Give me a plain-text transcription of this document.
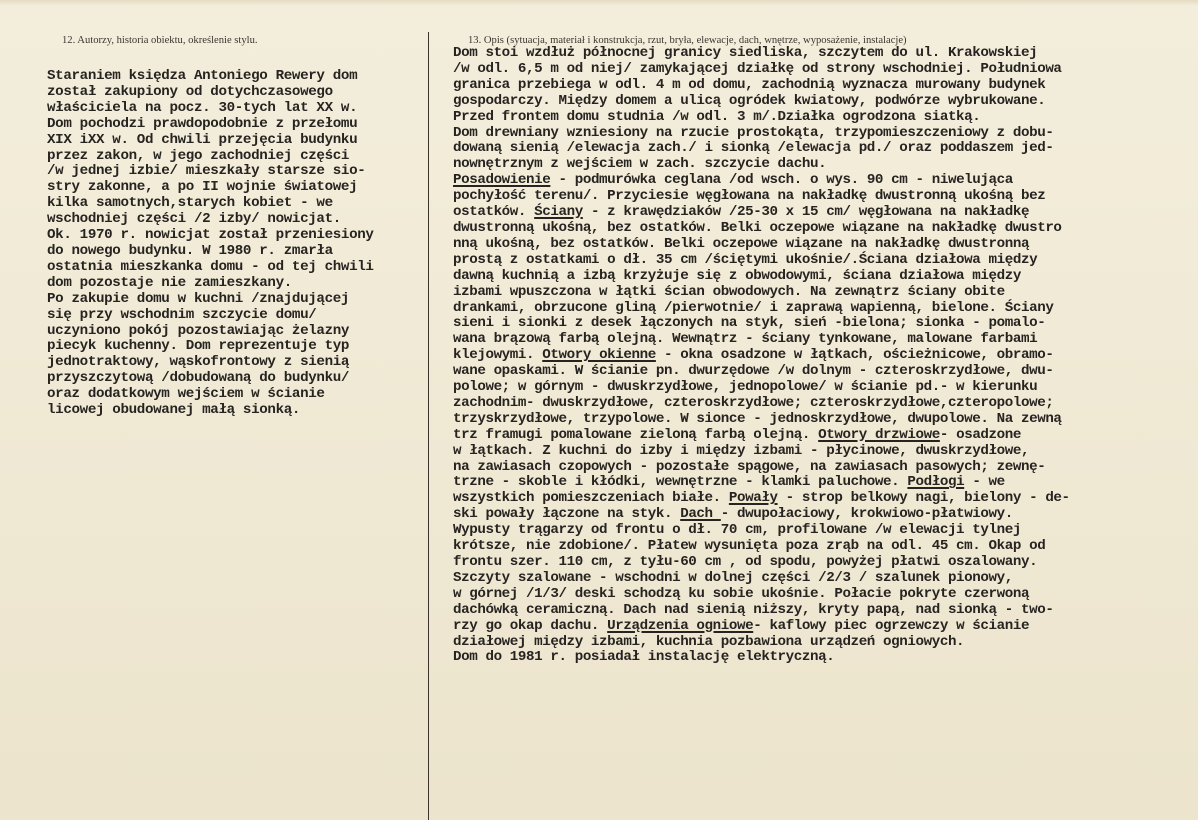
12. Autorzy, historia obiektu, określenie stylu.	13. Opis (sytuacja, materiał i konstrukcja, rzut, bryła, elewacje, dach, wnętrze, wyposażenie, instalacje)
Staraniem księdza Antoniego Rewery dom
został zakupiony od dotychczasowego
właściciela na pocz. 30-tych lat XX w.
Dom pochodzi prawdopodobnie z przełomu
XIX iXX w. Od chwili przejęcia budynku
przez zakon, w jego zachodniej części
/w jednej izbie/ mieszkały starsze sio-
stry zakonne, a po II wojnie światowej
kilka samotnych,starych kobiet - we
wschodniej części /2 izby/ nowicjat.
Ok. 1970 r. nowicjat został przeniesiony
do nowego budynku. W 1980 r. zmarła
ostatnia mieszkanka domu - od tej chwili
dom pozostaje nie zamieszkany.
Po zakupie domu w kuchni /znajdującej
się przy wschodnim szczycie domu/
uczyniono pokój pozostawiając żelazny
piecyk kuchenny. Dom reprezentuje typ
jednotraktowy, wąskofrontowy z sienią
przyszczytową /dobudowaną do budynku/
oraz dodatkowym wejściem w ścianie
licowej obudowanej małą sionką.
Dom stoi wzdłuż północnej granicy siedliska, szczytem do ul. Krakowskiej
/w odl. 6,5 m od niej/ zamykającej działkę od strony wschodniej. Południowa
granica przebiega w odl. 4 m od domu, zachodnią wyznacza murowany budynek
gospodarczy. Między domem a ulicą ogródek kwiatowy, podwórze wybrukowane.
Przed frontem domu studnia /w odl. 3 m/.Działka ogrodzona siatką.
Dom drewniany wzniesiony na rzucie prostokąta, trzypomieszczeniowy z dobu-
dowaną sienią /elewacja zach./ i sionką /elewacja pd./ oraz poddaszem jed-
nownętrznym z wejściem w zach. szczycie dachu.
Posadowienie - podmurówka ceglana /od wsch. o wys. 90 cm - niwelująca
pochyłość terenu/. Przyciesie węgłowana na nakładkę dwustronną ukośną bez
ostatków. Ściany - z krawędziaków /25-30 x 15 cm/ węgłowana na nakładkę
dwustronną ukośną, bez ostatków. Belki oczepowe wiązane na nakładkę dwustro
nną ukośną, bez ostatków. Belki oczepowe wiązane na nakładkę dwustronną
prostą z ostatkami o dł. 35 cm /ściętymi ukośnie/.Ściana działowa między
dawną kuchnią a izbą krzyżuje się z obwodowymi, ściana działowa między
izbami wpuszczona w łątki ścian obwodowych. Na zewnątrz ściany obite
drankami, obrzucone gliną /pierwotnie/ i zaprawą wapienną, bielone. Ściany
sieni i sionki z desek łączonych na styk, sień -bielona; sionka - pomalo-
wana brązową farbą olejną. Wewnątrz - ściany tynkowane, malowane farbami
klejowymi. Otwory okienne - okna osadzone w łątkach, ościeżnicowe, obramo-
wane opaskami. W ścianie pn. dwurzędowe /w dolnym - czteroskrzydłowe, dwu-
polowe; w górnym - dwuskrzydłowe, jednopolowe/ w ścianie pd.- w kierunku
zachodnim- dwuskrzydłowe, czteroskrzydłowe; czteroskrzydłowe,czteropolowe;
trzyskrzydłowe, trzypolowe. W sionce - jednoskrzydłowe, dwupolowe. Na zewną
trz framugi pomalowane zieloną farbą olejną. Otwory drzwiowe- osadzone
w łątkach. Z kuchni do izby i między izbami - płycinowe, dwuskrzydłowe,
na zawiasach czopowych - pozostałe spągowe, na zawiasach pasowych; zewnę-
trzne - skoble i kłódki, wewnętrzne - klamki paluchowe. Podłogi - we
wszystkich pomieszczeniach białe. Powały - strop belkowy nagi, bielony - de-
ski powały łączone na styk. Dach - dwupołaciowy, krokwiowo-płatwiowy.
Wypusty trągarzy od frontu o dł. 70 cm, profilowane /w elewacji tylnej
krótsze, nie zdobione/. Płatew wysunięta poza zrąb na odl. 45 cm. Okap od
frontu szer. 110 cm, z tyłu-60 cm , od spodu, powyżej płatwi oszalowany.
Szczyty szalowane - wschodni w dolnej części /2/3 / szalunek pionowy,
w górnej /1/3/ deski schodzą ku sobie ukośnie. Połacie pokryte czerwoną
dachówką ceramiczną. Dach nad sienią niższy, kryty papą, nad sionką - two-
rzy go okap dachu. Urządzenia ogniowe- kaflowy piec ogrzewczy w ścianie
działowej między izbami, kuchnia pozbawiona urządzeń ogniowych.
Dom do 1981 r. posiadał instalację elektryczną.
